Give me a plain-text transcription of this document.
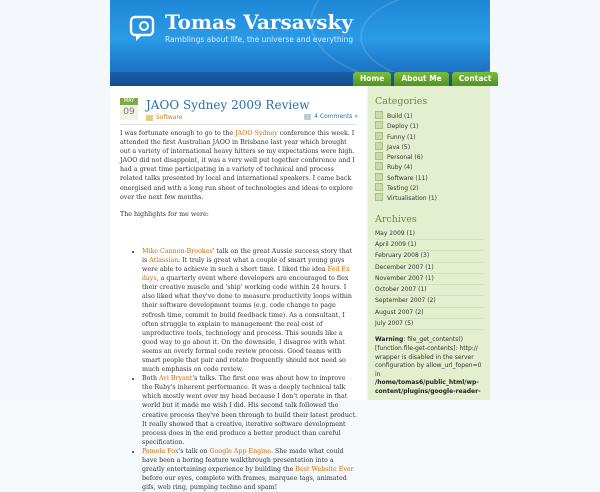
Tomas Varsavsky
Ramblings about life, the universe and everything
Home	About Me	Contact
MAY
09 JAOO Sydney 2009 Review
Software	4 Comments »

I was fortunate enough to go to the JAOO Sydney conference this week. I attended the first Australian JAOO in Brisbane last year which brought out a variety of international heavy hitters so my expectations were high. JAOO did not disappoint, it was a very well put together conference and I had a great time participating in a variety of technical and process related talks presented by local and international speakers. I came back energised and with a long run sheet of technologies and ideas to explore over the next few months.

The highlights for me were:

• Mike Cannon-Brookes' talk on the great Aussie success story that is Atlassian. It truly is great what a couple of smart young guys were able to achieve in such a short time. I liked the idea Fed Ex days, a quarterly event where developers are encouraged to flex their creative muscle and 'ship' working code within 24 hours. I also liked what they've done to measure productivity loops within their software development teams (e.g. code change to page refresh time, commit to build feedback time). As a consultant, I often struggle to explain to management the real cost of unproductive tools, technology and process. This sounds like a good way to go about it. On the downside, I disagree with what seems an overly formal code review process. Good teams with smart people that pair and rotate frequently should not need so much emphasis on code review.
• Both Avi Bryant's talks. The first one was about how to improve the Ruby's inherent performance. It was a deeply technical talk which mostly went over my head because I don't operate in that world but it made me wish I did. His second talk followed the creative process they've been through to build their latest product. It really showed that a creative, iterative software development process does in the end produce a better product than careful specification.
• Pamela Fox's talk on Google App Engine. She made what could have been a boring feature walkthrough presentation into a greatly entertaining experience by building the Best Website Ever before our eyes, complete with frames, marquee tags, animated gifs, web ring, pumping techno and spam!
Categories
Build (1)
Deploy (1)
Funny (1)
Java (5)
Personal (6)
Ruby (4)
Software (11)
Testing (2)
Virtualisation (1)
Archives
May 2009 (1)
April 2009 (1)
February 2008 (3)
December 2007 (1)
November 2007 (1)
October 2007 (1)
September 2007 (2)
August 2007 (2)
July 2007 (5)
Warning: file_get_contents() [function.file-get-contents]: http:// wrapper is disabled in the server configuration by allow_url_fopen=0 in /home/tomas6/public_html/wp-content/plugins/google-reader-
